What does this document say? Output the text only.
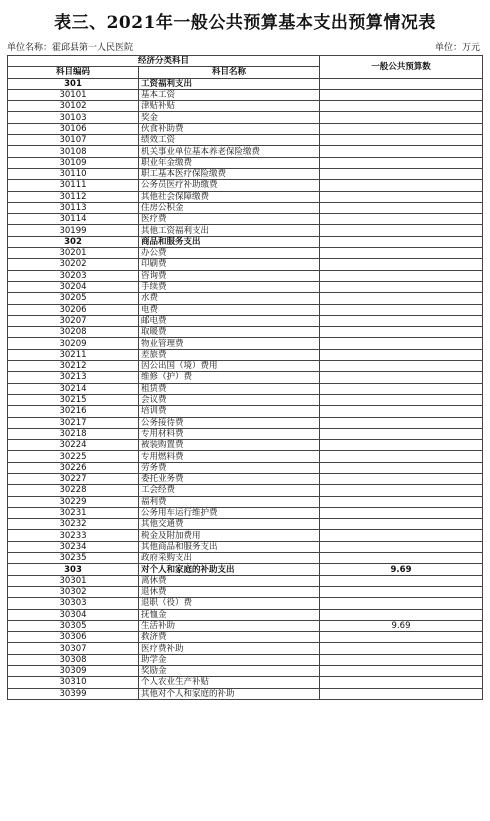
表三、2021年一般公共预算基本支出预算情况表
单位名称：霍邱县第一人民医院	单位：万元
经济分类科目		一般公共预算数
科目编码	科目名称	
301	工资福利支出	
30101	基本工资	
30102	津贴补贴	
30103	奖金	
30106	伙食补助费	
30107	绩效工资	
30108	机关事业单位基本养老保险缴费	
30109	职业年金缴费	
30110	职工基本医疗保险缴费	
30111	公务员医疗补助缴费	
30112	其他社会保障缴费	
30113	住房公积金	
30114	医疗费	
30199	其他工资福利支出	
302	商品和服务支出	
30201	办公费	
30202	印刷费	
30203	咨询费	
30204	手续费	
30205	水费	
30206	电费	
30207	邮电费	
30208	取暖费	
30209	物业管理费	
30211	差旅费	
30212	因公出国（境）费用	
30213	维修（护）费	
30214	租赁费	
30215	会议费	
30216	培训费	
30217	公务接待费	
30218	专用材料费	
30224	被装购置费	
30225	专用燃料费	
30226	劳务费	
30227	委托业务费	
30228	工会经费	
30229	福利费	
30231	公务用车运行维护费	
30232	其他交通费	
30233	税金及附加费用	
30234	其他商品和服务支出	
30235	政府采购支出	
303	对个人和家庭的补助支出	9.69
30301	离休费	
30302	退休费	
30303	退职（役）费	
30304	抚恤金	
30305	生活补助	9.69
30306	救济费	
30307	医疗费补助	
30308	助学金	
30309	奖励金	
30310	个人农业生产补贴	
30399	其他对个人和家庭的补助	
